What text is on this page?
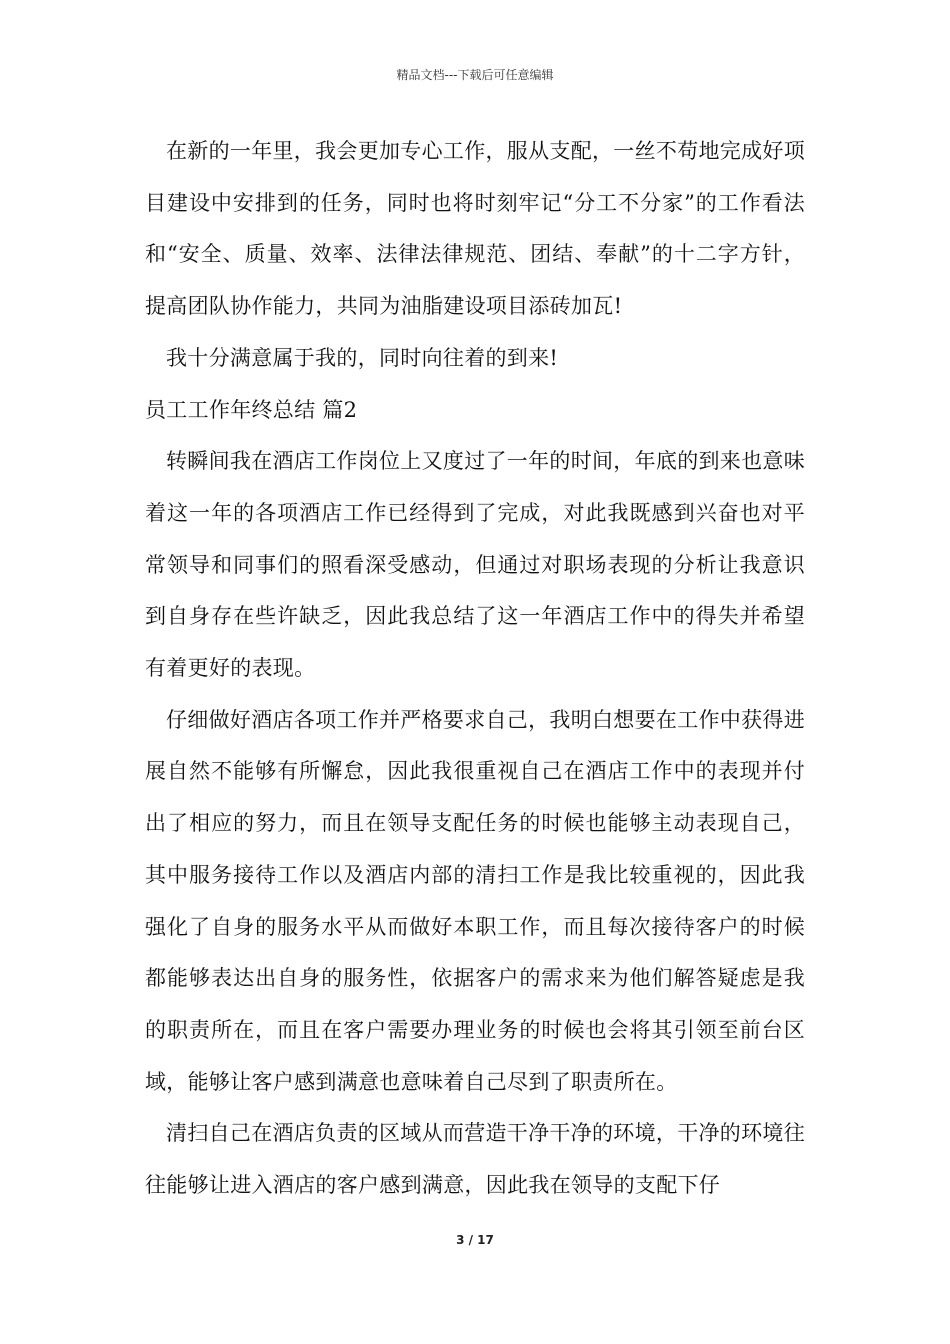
精品文档---下载后可任意编辑

在新的一年里，我会更加专心工作，服从支配，一丝不苟地完成好项目建设中安排到的任务，同时也将时刻牢记“分工不分家”的工作看法和“安全、质量、效率、法律法律规范、团结、奉献”的十二字方针，提高团队协作能力，共同为油脂建设项目添砖加瓦!

我十分满意属于我的，同时向往着的到来!

员工工作年终总结 篇2

转瞬间我在酒店工作岗位上又度过了一年的时间，年底的到来也意味着这一年的各项酒店工作已经得到了完成，对此我既感到兴奋也对平常领导和同事们的照看深受感动，但通过对职场表现的分析让我意识到自身存在些许缺乏，因此我总结了这一年酒店工作中的得失并希望有着更好的表现。

仔细做好酒店各项工作并严格要求自己，我明白想要在工作中获得进展自然不能够有所懈怠，因此我很重视自己在酒店工作中的表现并付出了相应的努力，而且在领导支配任务的时候也能够主动表现自己，其中服务接待工作以及酒店内部的清扫工作是我比较重视的，因此我强化了自身的服务水平从而做好本职工作，而且每次接待客户的时候都能够表达出自身的服务性，依据客户的需求来为他们解答疑虑是我的职责所在，而且在客户需要办理业务的时候也会将其引领至前台区域，能够让客户感到满意也意味着自己尽到了职责所在。

清扫自己在酒店负责的区域从而营造干净干净的环境，干净的环境往往能够让进入酒店的客户感到满意，因此我在领导的支配下仔

3 / 17
